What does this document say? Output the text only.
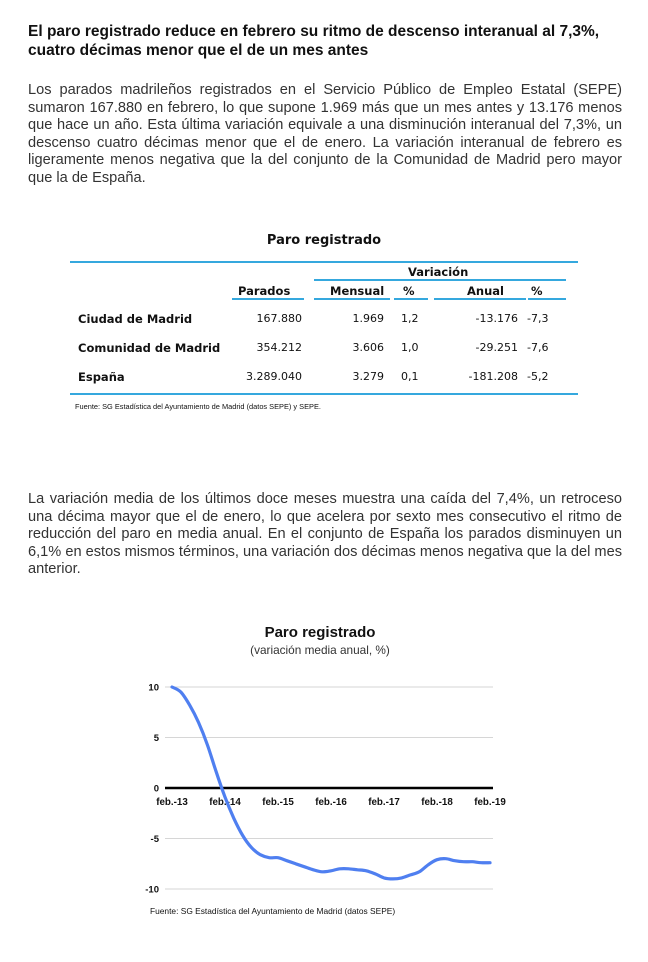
El paro registrado reduce en febrero su ritmo de descenso interanual al 7,3%, cuatro décimas menor que el de un mes antes
Los parados madrileños registrados en el Servicio Público de Empleo Estatal (SEPE) sumaron 167.880 en febrero, lo que supone 1.969 más que un mes antes y 13.176 menos que hace un año. Esta última variación equivale a una disminución interanual del 7,3%, un descenso cuatro décimas menor que el de enero. La variación interanual de febrero es ligeramente menos negativa que la del conjunto de la Comunidad de Madrid pero mayor que la de España.
Paro registrado
Variación
Parados	Mensual %	Anual %
Ciudad de Madrid	167.880	1.969 1,2	-13.176 -7,3
Comunidad de Madrid	354.212	3.606 1,0	-29.251 -7,6
España	3.289.040	3.279 0,1	-181.208 -5,2
Fuente: SG Estadística del Ayuntamiento de Madrid (datos SEPE) y SEPE.
La variación media de los últimos doce meses muestra una caída del 7,4%, un retroceso una décima mayor que el de enero, lo que acelera por sexto mes consecutivo el ritmo de reducción del paro en media anual. En el conjunto de España los parados disminuyen un 6,1% en estos mismos términos, una variación dos décimas menos negativa que la del mes anterior.
Paro registrado
(variación media anual, %)
10
5
0
-5
-10
feb.-13 feb.-14 feb.-15 feb.-16 feb.-17 feb.-18 feb.-19
Fuente: SG Estadística del Ayuntamiento de Madrid (datos SEPE)
